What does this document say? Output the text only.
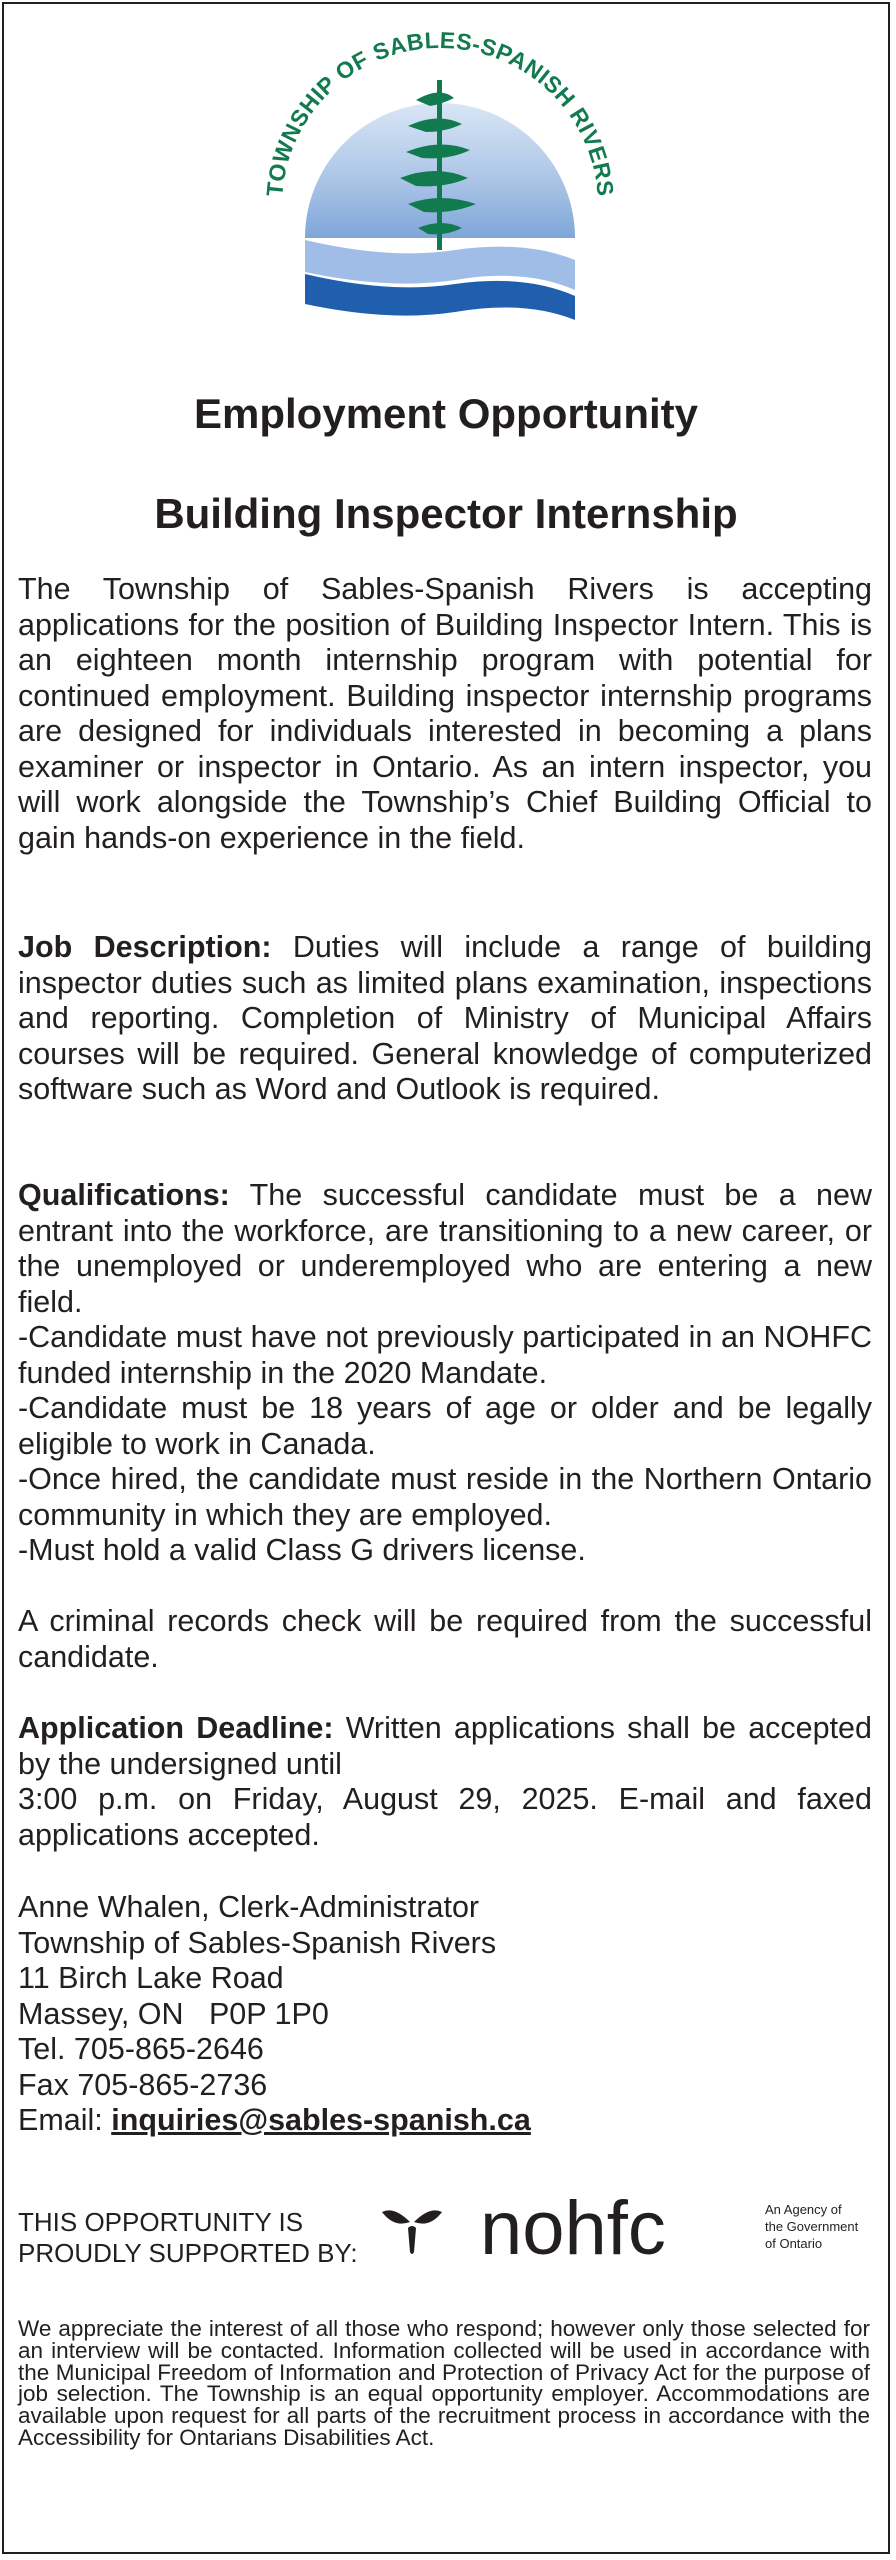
TOWNSHIP OF SABLES-SPANISH RIVERS
Employment Opportunity
Building Inspector Internship

The Township of Sables-Spanish Rivers is accepting applications for the position of Building Inspector Intern. This is an eighteen month internship program with potential for continued employment. Building inspector internship programs are designed for individuals interested in becoming a plans examiner or inspector in Ontario. As an intern inspector, you will work alongside the Township’s Chief Building Official to gain hands-on experience in the field.

Job Description: Duties will include a range of building inspector duties such as limited plans examination, inspections and reporting. Completion of Ministry of Municipal Affairs courses will be required. General knowledge of computerized software such as Word and Outlook is required.

Qualifications: The successful candidate must be a new entrant into the workforce, are transitioning to a new career, or the unemployed or underemployed who are entering a new field.
-Candidate must have not previously participated in an NOHFC funded internship in the 2020 Mandate.
-Candidate must be 18 years of age or older and be legally eligible to work in Canada.
-Once hired, the candidate must reside in the Northern Ontario community in which they are employed.
-Must hold a valid Class G drivers license.

A criminal records check will be required from the successful candidate.

Application Deadline: Written applications shall be accepted by the undersigned until
3:00 p.m. on Friday, August 29, 2025. E-mail and faxed applications accepted.
Anne Whalen, Clerk-Administrator
Township of Sables-Spanish Rivers
11 Birch Lake Road
Massey, ON   P0P 1P0
Tel. 705-865-2646
Fax 705-865-2736
Email: inquiries@sables-spanish.ca
THIS OPPORTUNITY IS
PROUDLY SUPPORTED BY:	nohfc	An Agency of
the Government
of Ontario

We appreciate the interest of all those who respond; however only those selected for an interview will be contacted. Information collected will be used in accordance with the Municipal Freedom of Information and Protection of Privacy Act for the purpose of job selection. The Township is an equal opportunity employer. Accommodations are available upon request for all parts of the recruitment process in accordance with the Accessibility for Ontarians Disabilities Act.
